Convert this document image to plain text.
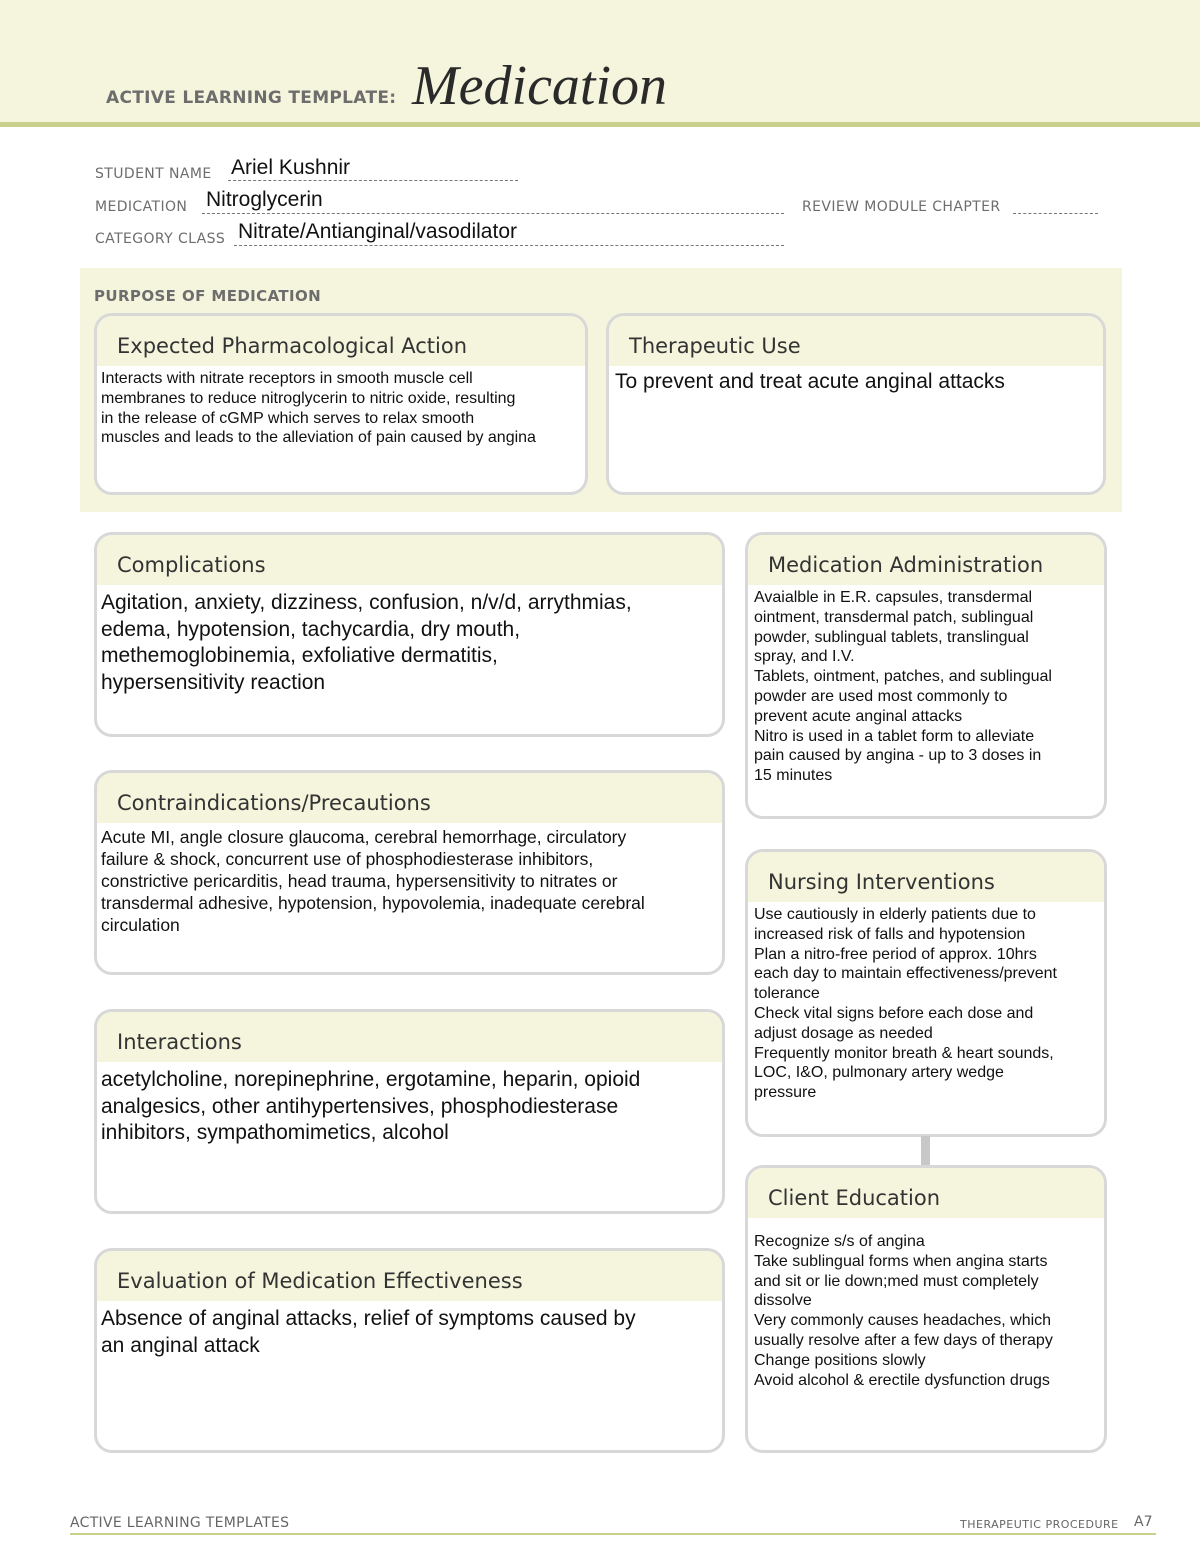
ACTIVE LEARNING TEMPLATE: Medication
STUDENT NAME Ariel Kushnir
MEDICATION Nitroglycerin	REVIEW MODULE CHAPTER
CATEGORY CLASS Nitrate/Antianginal/vasodilator
PURPOSE OF MEDICATION
Expected Pharmacological Action
Interacts with nitrate receptors in smooth muscle cell
membranes to reduce nitroglycerin to nitric oxide, resulting
in the release of cGMP which serves to relax smooth
muscles and leads to the alleviation of pain caused by angina
Therapeutic Use
To prevent and treat acute anginal attacks
Complications
Agitation, anxiety, dizziness, confusion, n/v/d, arrythmias,
edema, hypotension, tachycardia, dry mouth,
methemoglobinemia, exfoliative dermatitis,
hypersensitivity reaction
Contraindications/Precautions
Acute MI, angle closure glaucoma, cerebral hemorrhage, circulatory
failure & shock, concurrent use of phosphodiesterase inhibitors,
constrictive pericarditis, head trauma, hypersensitivity to nitrates or
transdermal adhesive, hypotension, hypovolemia, inadequate cerebral
circulation
Interactions
acetylcholine, norepinephrine, ergotamine, heparin, opioid
analgesics, other antihypertensives, phosphodiesterase
inhibitors, sympathomimetics, alcohol
Evaluation of Medication Effectiveness
Absence of anginal attacks, relief of symptoms caused by
an anginal attack
Medication Administration
Avaialble in E.R. capsules, transdermal
ointment, transdermal patch, sublingual
powder, sublingual tablets, translingual
spray, and I.V.
Tablets, ointment, patches, and sublingual
powder are used most commonly to
prevent acute anginal attacks
Nitro is used in a tablet form to alleviate
pain caused by angina - up to 3 doses in
15 minutes
Nursing Interventions
Use cautiously in elderly patients due to
increased risk of falls and hypotension
Plan a nitro-free period of approx. 10hrs
each day to maintain effectiveness/prevent
tolerance
Check vital signs before each dose and
adjust dosage as needed
Frequently monitor breath & heart sounds,
LOC, I&O, pulmonary artery wedge
pressure
Client Education
Recognize s/s of angina
Take sublingual forms when angina starts
and sit or lie down;med must completely
dissolve
Very commonly causes headaches, which
usually resolve after a few days of therapy
Change positions slowly
Avoid alcohol & erectile dysfunction drugs
ACTIVE LEARNING TEMPLATES	THERAPEUTIC PROCEDURE A7
